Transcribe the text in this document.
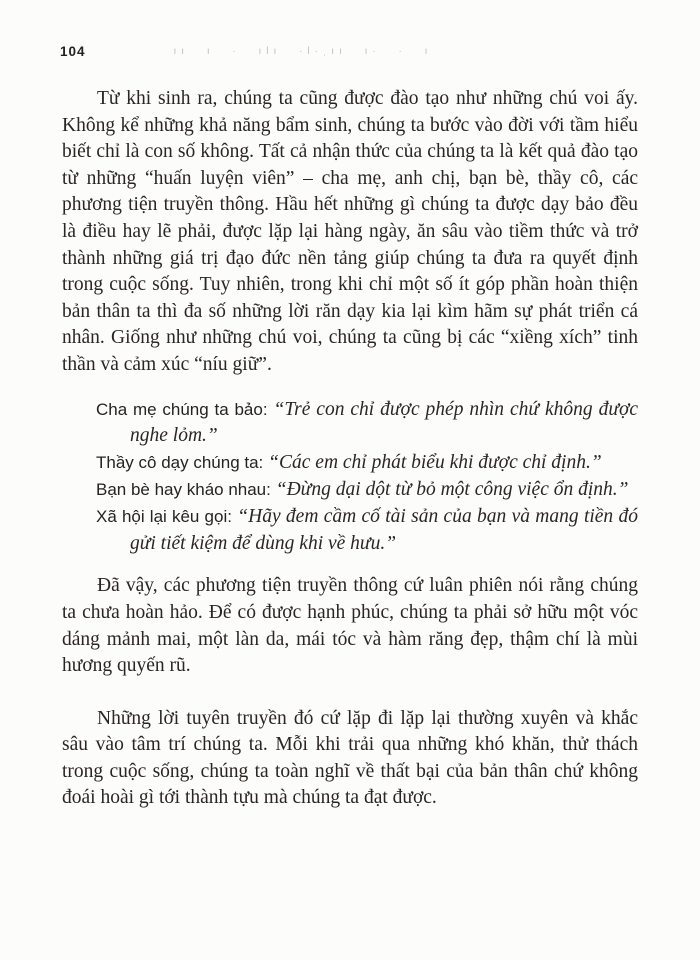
104	ıı ı · ılı ·l·ˌıı ı· · ı

Từ khi sinh ra, chúng ta cũng được đào tạo như những chú voi ấy. Không kể những khả năng bẩm sinh, chúng ta bước vào đời với tầm hiểu biết chỉ là con số không. Tất cả nhận thức của chúng ta là kết quả đào tạo từ những “huấn luyện viên” – cha mẹ, anh chị, bạn bè, thầy cô, các phương tiện truyền thông. Hầu hết những gì chúng ta được dạy bảo đều là điều hay lẽ phải, được lặp lại hàng ngày, ăn sâu vào tiềm thức và trở thành những giá trị đạo đức nền tảng giúp chúng ta đưa ra quyết định trong cuộc sống. Tuy nhiên, trong khi chỉ một số ít góp phần hoàn thiện bản thân ta thì đa số những lời răn dạy kia lại kìm hãm sự phát triển cá nhân. Giống như những chú voi, chúng ta cũng bị các “xiềng xích” tinh thần và cảm xúc “níu giữ”.

Cha mẹ chúng ta bảo: “Trẻ con chỉ được phép nhìn chứ không được nghe lỏm.”

Thầy cô dạy chúng ta: “Các em chỉ phát biểu khi được chỉ định.”

Bạn bè hay kháo nhau: “Đừng dại dột từ bỏ một công việc ổn định.”

Xã hội lại kêu gọi: “Hãy đem cầm cố tài sản của bạn và mang tiền đó gửi tiết kiệm để dùng khi về hưu.”

Đã vậy, các phương tiện truyền thông cứ luân phiên nói rằng chúng ta chưa hoàn hảo. Để có được hạnh phúc, chúng ta phải sở hữu một vóc dáng mảnh mai, một làn da, mái tóc và hàm răng đẹp, thậm chí là mùi hương quyến rũ.

Những lời tuyên truyền đó cứ lặp đi lặp lại thường xuyên và khắc sâu vào tâm trí chúng ta. Mỗi khi trải qua những khó khăn, thử thách trong cuộc sống, chúng ta toàn nghĩ về thất bại của bản thân chứ không đoái hoài gì tới thành tựu mà chúng ta đạt được.
